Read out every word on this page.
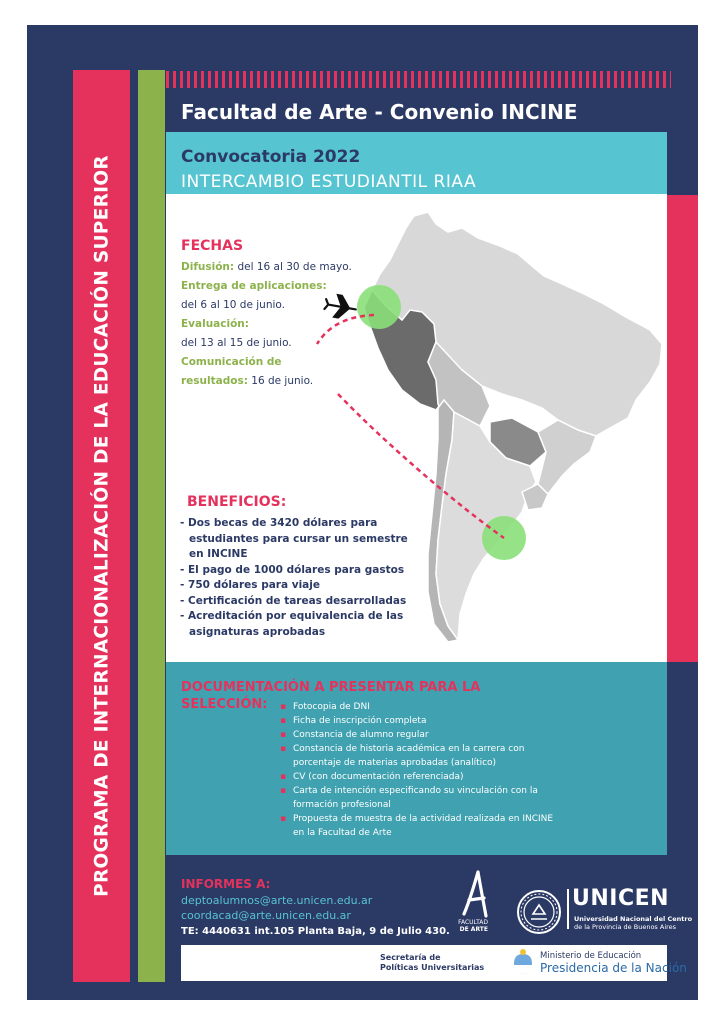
PROGRAMA DE INTERNACIONALIZACIÓN DE LA EDUCACIÓN SUPERIOR
Facultad de Arte - Convenio INCINE
Convocatoria 2022
INTERCAMBIO ESTUDIANTIL RIAA
FECHAS
Difusión: del 16 al 30 de mayo.
Entrega de aplicaciones:
del 6 al 10 de junio.
Evaluación:
del 13 al 15 de junio.
Comunicación de
resultados: 16 de junio.
BENEFICIOS:
- Dos becas de 3420 dólares para estudiantes para cursar un semestre en INCINE
- El pago de 1000 dólares para gastos
- 750 dólares para viaje
- Certificación de tareas desarrolladas
- Acreditación por equivalencia de las asignaturas aprobadas
DOCUMENTACIÓN A PRESENTAR PARA LA
SELECCIÓN:
▪	Fotocopia de DNI
▪ Ficha de inscripción completa
▪ Constancia de alumno regular
▪ Constancia de historia académica en la carrera con porcentaje de materias aprobadas (analítico)
▪ CV (con documentación referenciada)
▪ Carta de intención especificando su vinculación con la formación profesional
▪ Propuesta de muestra de la actividad realizada en INCINE en la Facultad de Arte
INFORMES A:
deptoalumnos@arte.unicen.edu.ar
coordacad@arte.unicen.edu.ar
TE: 4440631 int.105 Planta Baja, 9 de Julio 430.
FACULTAD
DE ARTE
UNICEN
Universidad Nacional del Centro
de la Provincia de Buenos Aires
Secretaría de
Políticas Universitarias
Ministerio de Educación
Presidencia de la Nación
